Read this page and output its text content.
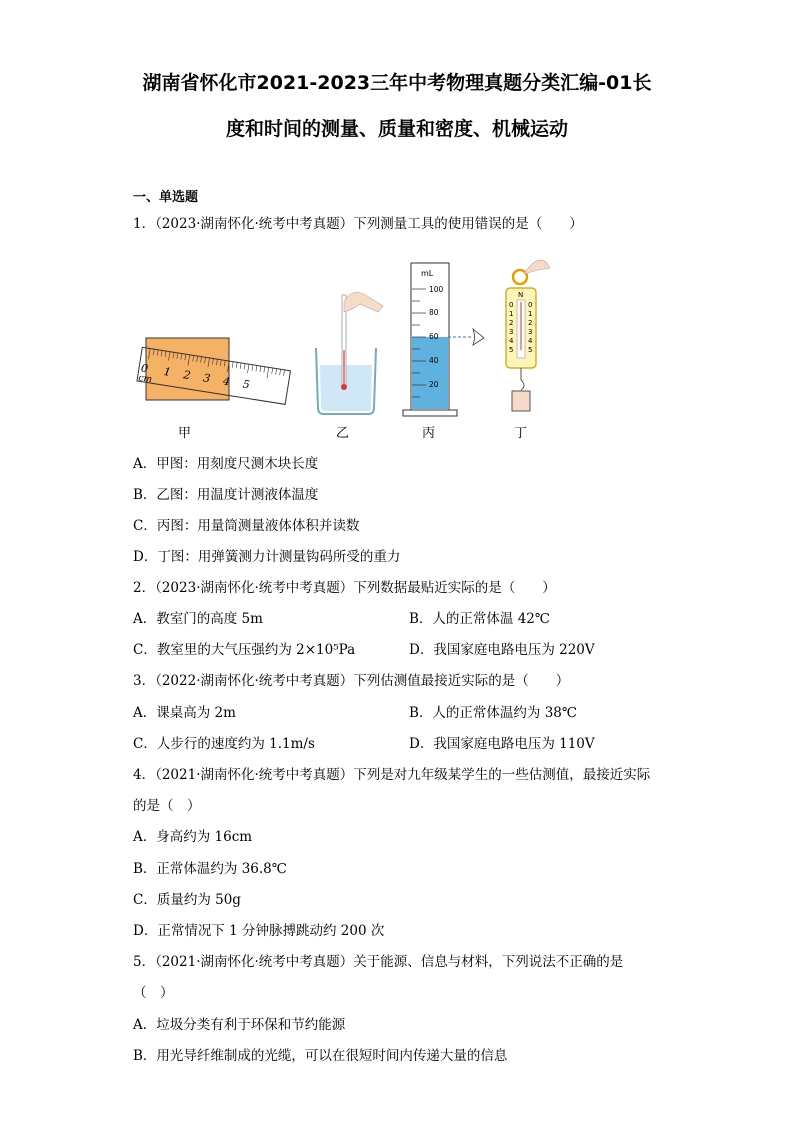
湖南省怀化市2021-2023三年中考物理真题分类汇编-01长
度和时间的测量、质量和密度、机械运动
一、单选题
1．（2023·湖南怀化·统考中考真题）下列测量工具的使用错误的是（　　）
0
cm
1 2 3 4 5
mL
100
80
60
40
20
N
0
1
2
3
4
5
0
1
2
3
4
5
甲	乙	丙	丁
A．甲图：用刻度尺测木块长度
B．乙图：用温度计测液体温度
C．丙图：用量筒测量液体体积并读数
D．丁图：用弹簧测力计测量钩码所受的重力
2．（2023·湖南怀化·统考中考真题）下列数据最贴近实际的是（　　）
A．教室门的高度 5m	B．人的正常体温 42℃
C．教室里的大气压强约为 2×10⁵Pa	D．我国家庭电路电压为 220V
3．（2022·湖南怀化·统考中考真题）下列估测值最接近实际的是（　　）
A．课桌高为 2m	B．人的正常体温约为 38℃
C．人步行的速度约为 1.1m/s	D．我国家庭电路电压为 110V
4．（2021·湖南怀化·统考中考真题）下列是对九年级某学生的一些估测值，最接近实际
的是（　）
A．身高约为 16cm
B．正常体温约为 36.8℃
C．质量约为 50g
D．正常情况下 1 分钟脉搏跳动约 200 次
5．（2021·湖南怀化·统考中考真题）关于能源、信息与材料，下列说法不正确的是
（　）
A．垃圾分类有利于环保和节约能源
B．用光导纤维制成的光缆，可以在很短时间内传递大量的信息
